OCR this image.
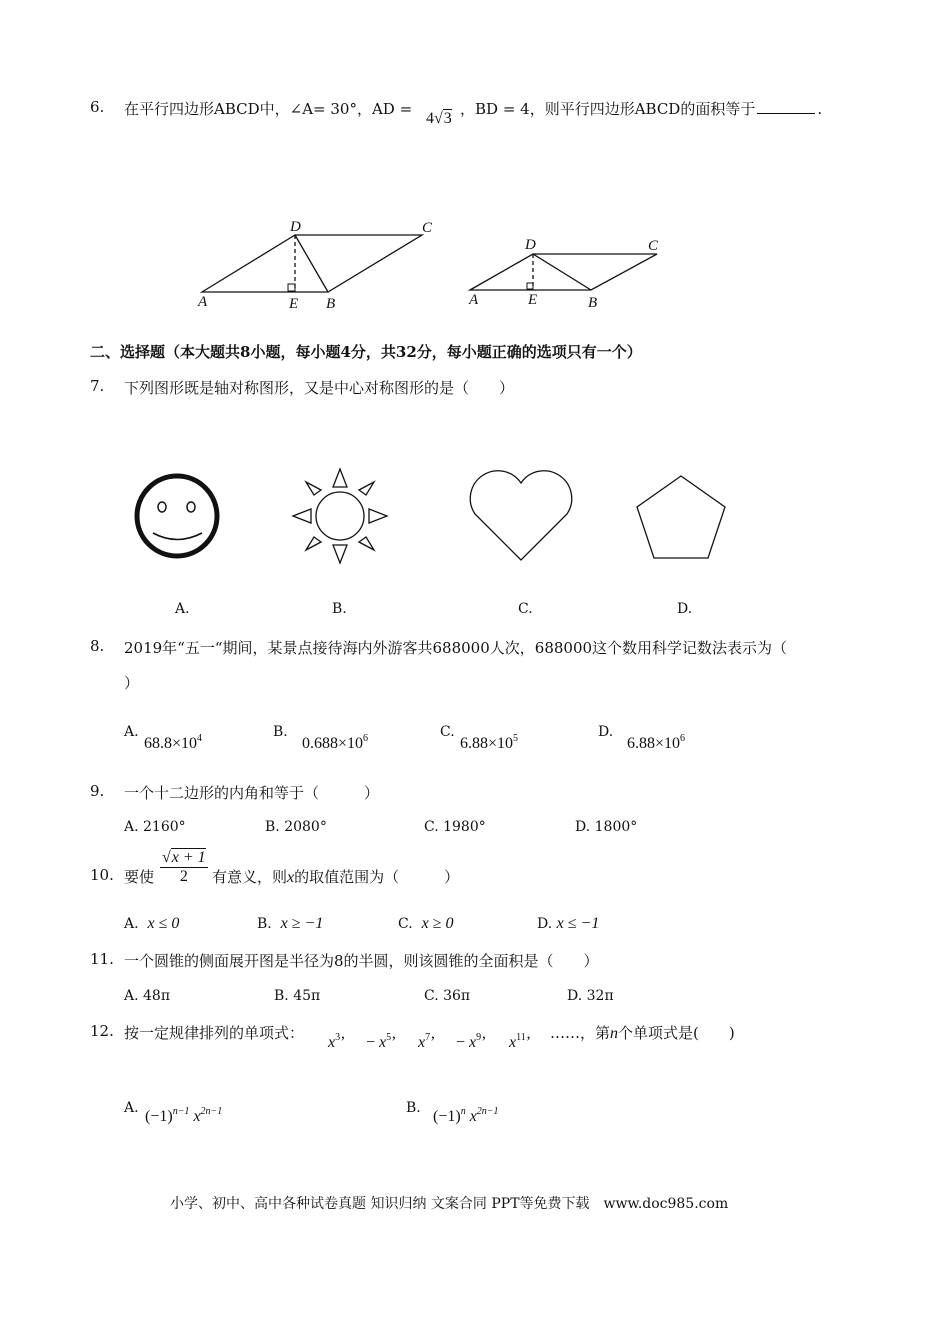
6. 在平行四边形ABCD中，∠A= 30°，AD =
4√3
，BD = 4，则平行四边形ABCD的面积等于	.
A
D	C
E B	A
D	C
E	B
二、选择题（本大题共8小题，每小题4分，共32分，每小题正确的选项只有一个）
7. 下列图形既是轴对称图形，又是中心对称图形的是（　　）
A.	B.	C.	D.
8. 2019年“五一“期间，某景点接待海内外游客共688000人次，688000这个数用科学记数法表示为（
）
A.
$68.8\times 10^4$	B.
$0.688\times 10^6$	C.
$6.88\times 10^5$	D.
$6.88\times 10^6$
9. 一个十二边形的内角和等于（　　　）
A. 2160°	B. 2080°	C. 1980°	D. 1800°
10. 要使 $\frac{√x + 1}{2}$ 有意义，则x的取值范围为（　　　）
A. x ≤ 0	B. x ≥ −1	C. x ≥ 0	D. x ≤ −1
11. 一个圆锥的侧面展开图是半径为8的半圆，则该圆锥的全面积是（　　）
A. 48π	B. 45π	C. 36π	D. 32π
12. 按一定规律排列的单项式：
$x^3$’ − $x^5$’ $x^7$’ − $x^9$’ $x^{11}$’
……，第n个单项式是(　　)
A. $(-1)^{n-1}$ $x^{2n-1}$	B. $(-1)^n$ $x^{2n-1}$
小学、初中、高中各种试卷真题 知识归纳 文案合同 PPT等免费下载　www.doc985.com
